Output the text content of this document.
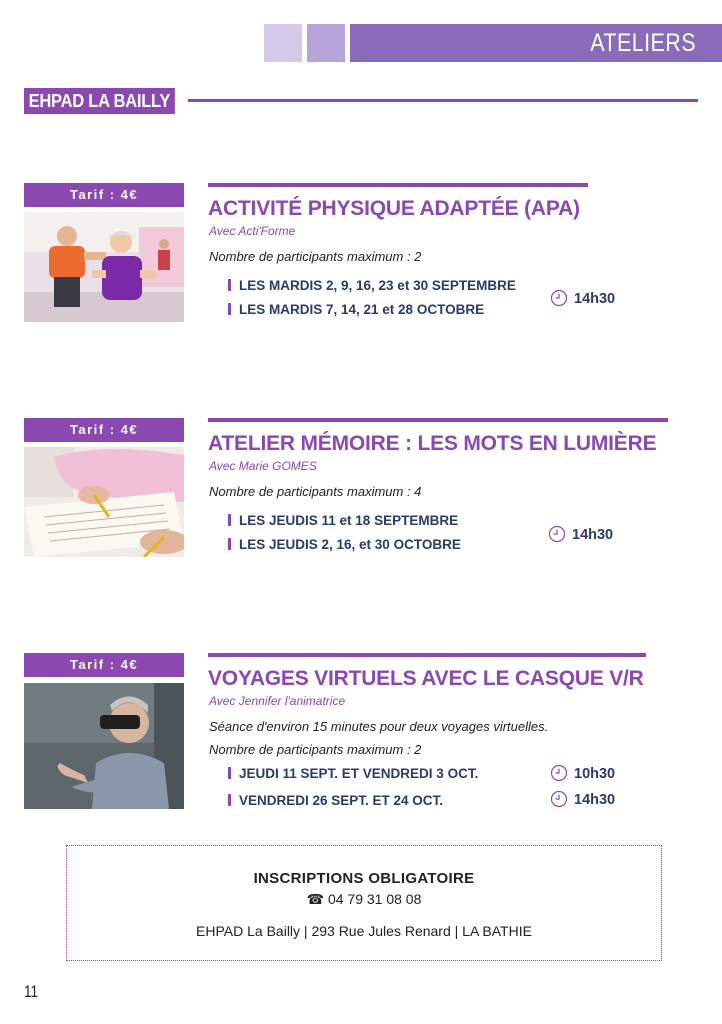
ATELIERS
EHPAD LA BAILLY
Tarif : 4€
ACTIVITÉ PHYSIQUE ADAPTÉE (APA)
Avec Acti'Forme
Nombre de participants maximum : 2
LES MARDIS 2, 9, 16, 23 et 30 SEPTEMBRE
LES MARDIS 7, 14, 21 et 28 OCTOBRE
14h30
Tarif : 4€
ATELIER MÉMOIRE : LES MOTS EN LUMIÈRE
Avec Marie GOMES
Nombre de participants maximum : 4
LES JEUDIS 11 et 18 SEPTEMBRE
LES JEUDIS 2, 16, et 30 OCTOBRE
14h30
Tarif : 4€
VOYAGES VIRTUELS AVEC LE CASQUE V/R
Avec Jennifer l'animatrice
Séance d'environ 15 minutes pour deux voyages virtuelles.
Nombre de participants maximum : 2
JEUDI 11 SEPT. ET VENDREDI 3 OCT.
VENDREDI 26 SEPT. ET 24 OCT.
10h30
14h30
INSCRIPTIONS OBLIGATOIRE
☎ 04 79 31 08 08
EHPAD La Bailly | 293 Rue Jules Renard | LA BATHIE
11
